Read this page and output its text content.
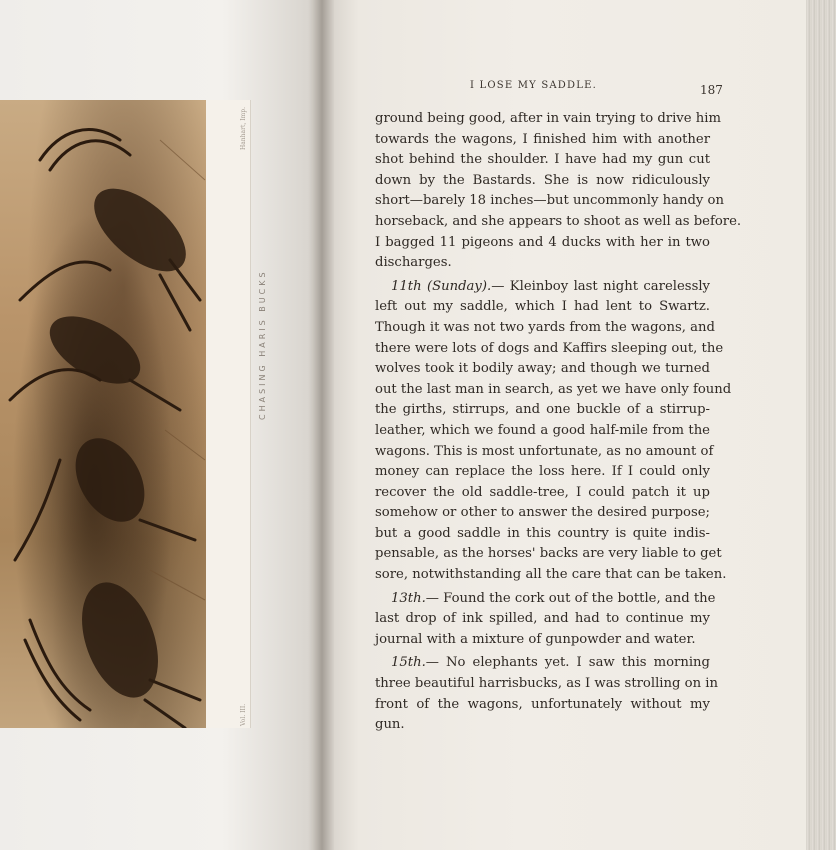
Hanhart, Imp.
CHASING HARIS BUCKS
Vol. III.
I LOSE MY SADDLE.	187
ground being good, after in vain trying to drive him
towards the wagons, I finished him with another
shot behind the shoulder. I have had my gun cut
down by the Bastards. She is now ridiculously
short—barely 18 inches—but uncommonly handy on
horseback, and she appears to shoot as well as before.
I bagged 11 pigeons and 4 ducks with her in two
discharges.
11th (Sunday).— Kleinboy last night carelessly
left out my saddle, which I had lent to Swartz.
Though it was not two yards from the wagons, and
there were lots of dogs and Kaffirs sleeping out, the
wolves took it bodily away; and though we turned
out the last man in search, as yet we have only found
the girths, stirrups, and one buckle of a stirrup-
leather, which we found a good half-mile from the
wagons. This is most unfortunate, as no amount of
money can replace the loss here. If I could only
recover the old saddle-tree, I could patch it up
somehow or other to answer the desired purpose;
but a good saddle in this country is quite indis-
pensable, as the horses' backs are very liable to get
sore, notwithstanding all the care that can be taken.
13th.— Found the cork out of the bottle, and the
last drop of ink spilled, and had to continue my
journal with a mixture of gunpowder and water.
15th.— No elephants yet. I saw this morning
three beautiful harrisbucks, as I was strolling on in
front of the wagons, unfortunately without my
gun.
